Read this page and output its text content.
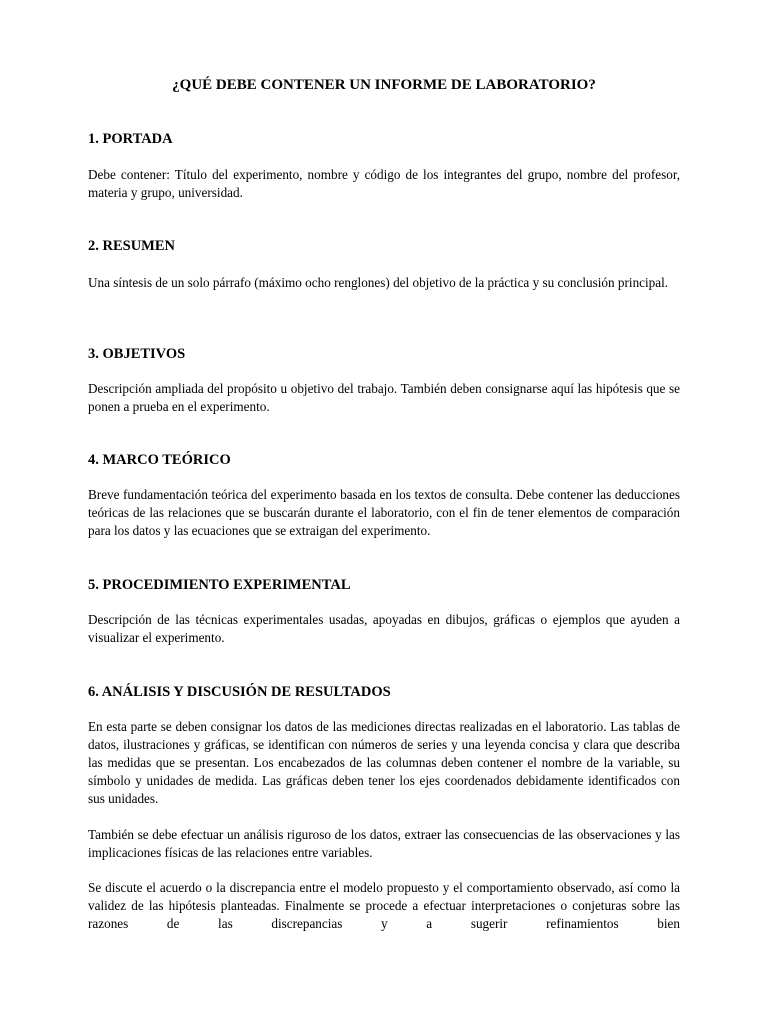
¿QUÉ DEBE CONTENER UN INFORME DE LABORATORIO?
1. PORTADA

Debe contener: Título del experimento, nombre y código de los integrantes del grupo, nombre del profesor, materia y grupo, universidad.

2. RESUMEN

Una síntesis de un solo párrafo (máximo ocho renglones) del objetivo de la práctica y su conclusión principal.

3. OBJETIVOS

Descripción ampliada del propósito u objetivo del trabajo. También deben consignarse aquí las hipótesis que se ponen a prueba en el experimento.

4. MARCO TEÓRICO

Breve fundamentación teórica del experimento basada en los textos de consulta. Debe contener las deducciones teóricas de las relaciones que se buscarán durante el laboratorio, con el fin de tener elementos de comparación para los datos y las ecuaciones que se extraigan del experimento.

5. PROCEDIMIENTO EXPERIMENTAL

Descripción de las técnicas experimentales usadas, apoyadas en dibujos, gráficas o ejemplos que ayuden a visualizar el experimento.

6. ANÁLISIS Y DISCUSIÓN DE RESULTADOS

En esta parte se deben consignar los datos de las mediciones directas realizadas en el laboratorio. Las tablas de datos, ilustraciones y gráficas, se identifican con números de series y una leyenda concisa y clara que describa las medidas que se presentan. Los encabezados de las columnas deben contener el nombre de la variable, su símbolo y unidades de medida. Las gráficas deben tener los ejes coordenados debidamente identificados con sus unidades.

También se debe efectuar un análisis riguroso de los datos, extraer las consecuencias de las observaciones y las implicaciones físicas de las relaciones entre variables.

Se discute el acuerdo o la discrepancia entre el modelo propuesto y el comportamiento observado, así como la validez de las hipótesis planteadas. Finalmente se procede a efectuar interpretaciones o conjeturas sobre las razones de las discrepancias y a sugerir refinamientos bien
